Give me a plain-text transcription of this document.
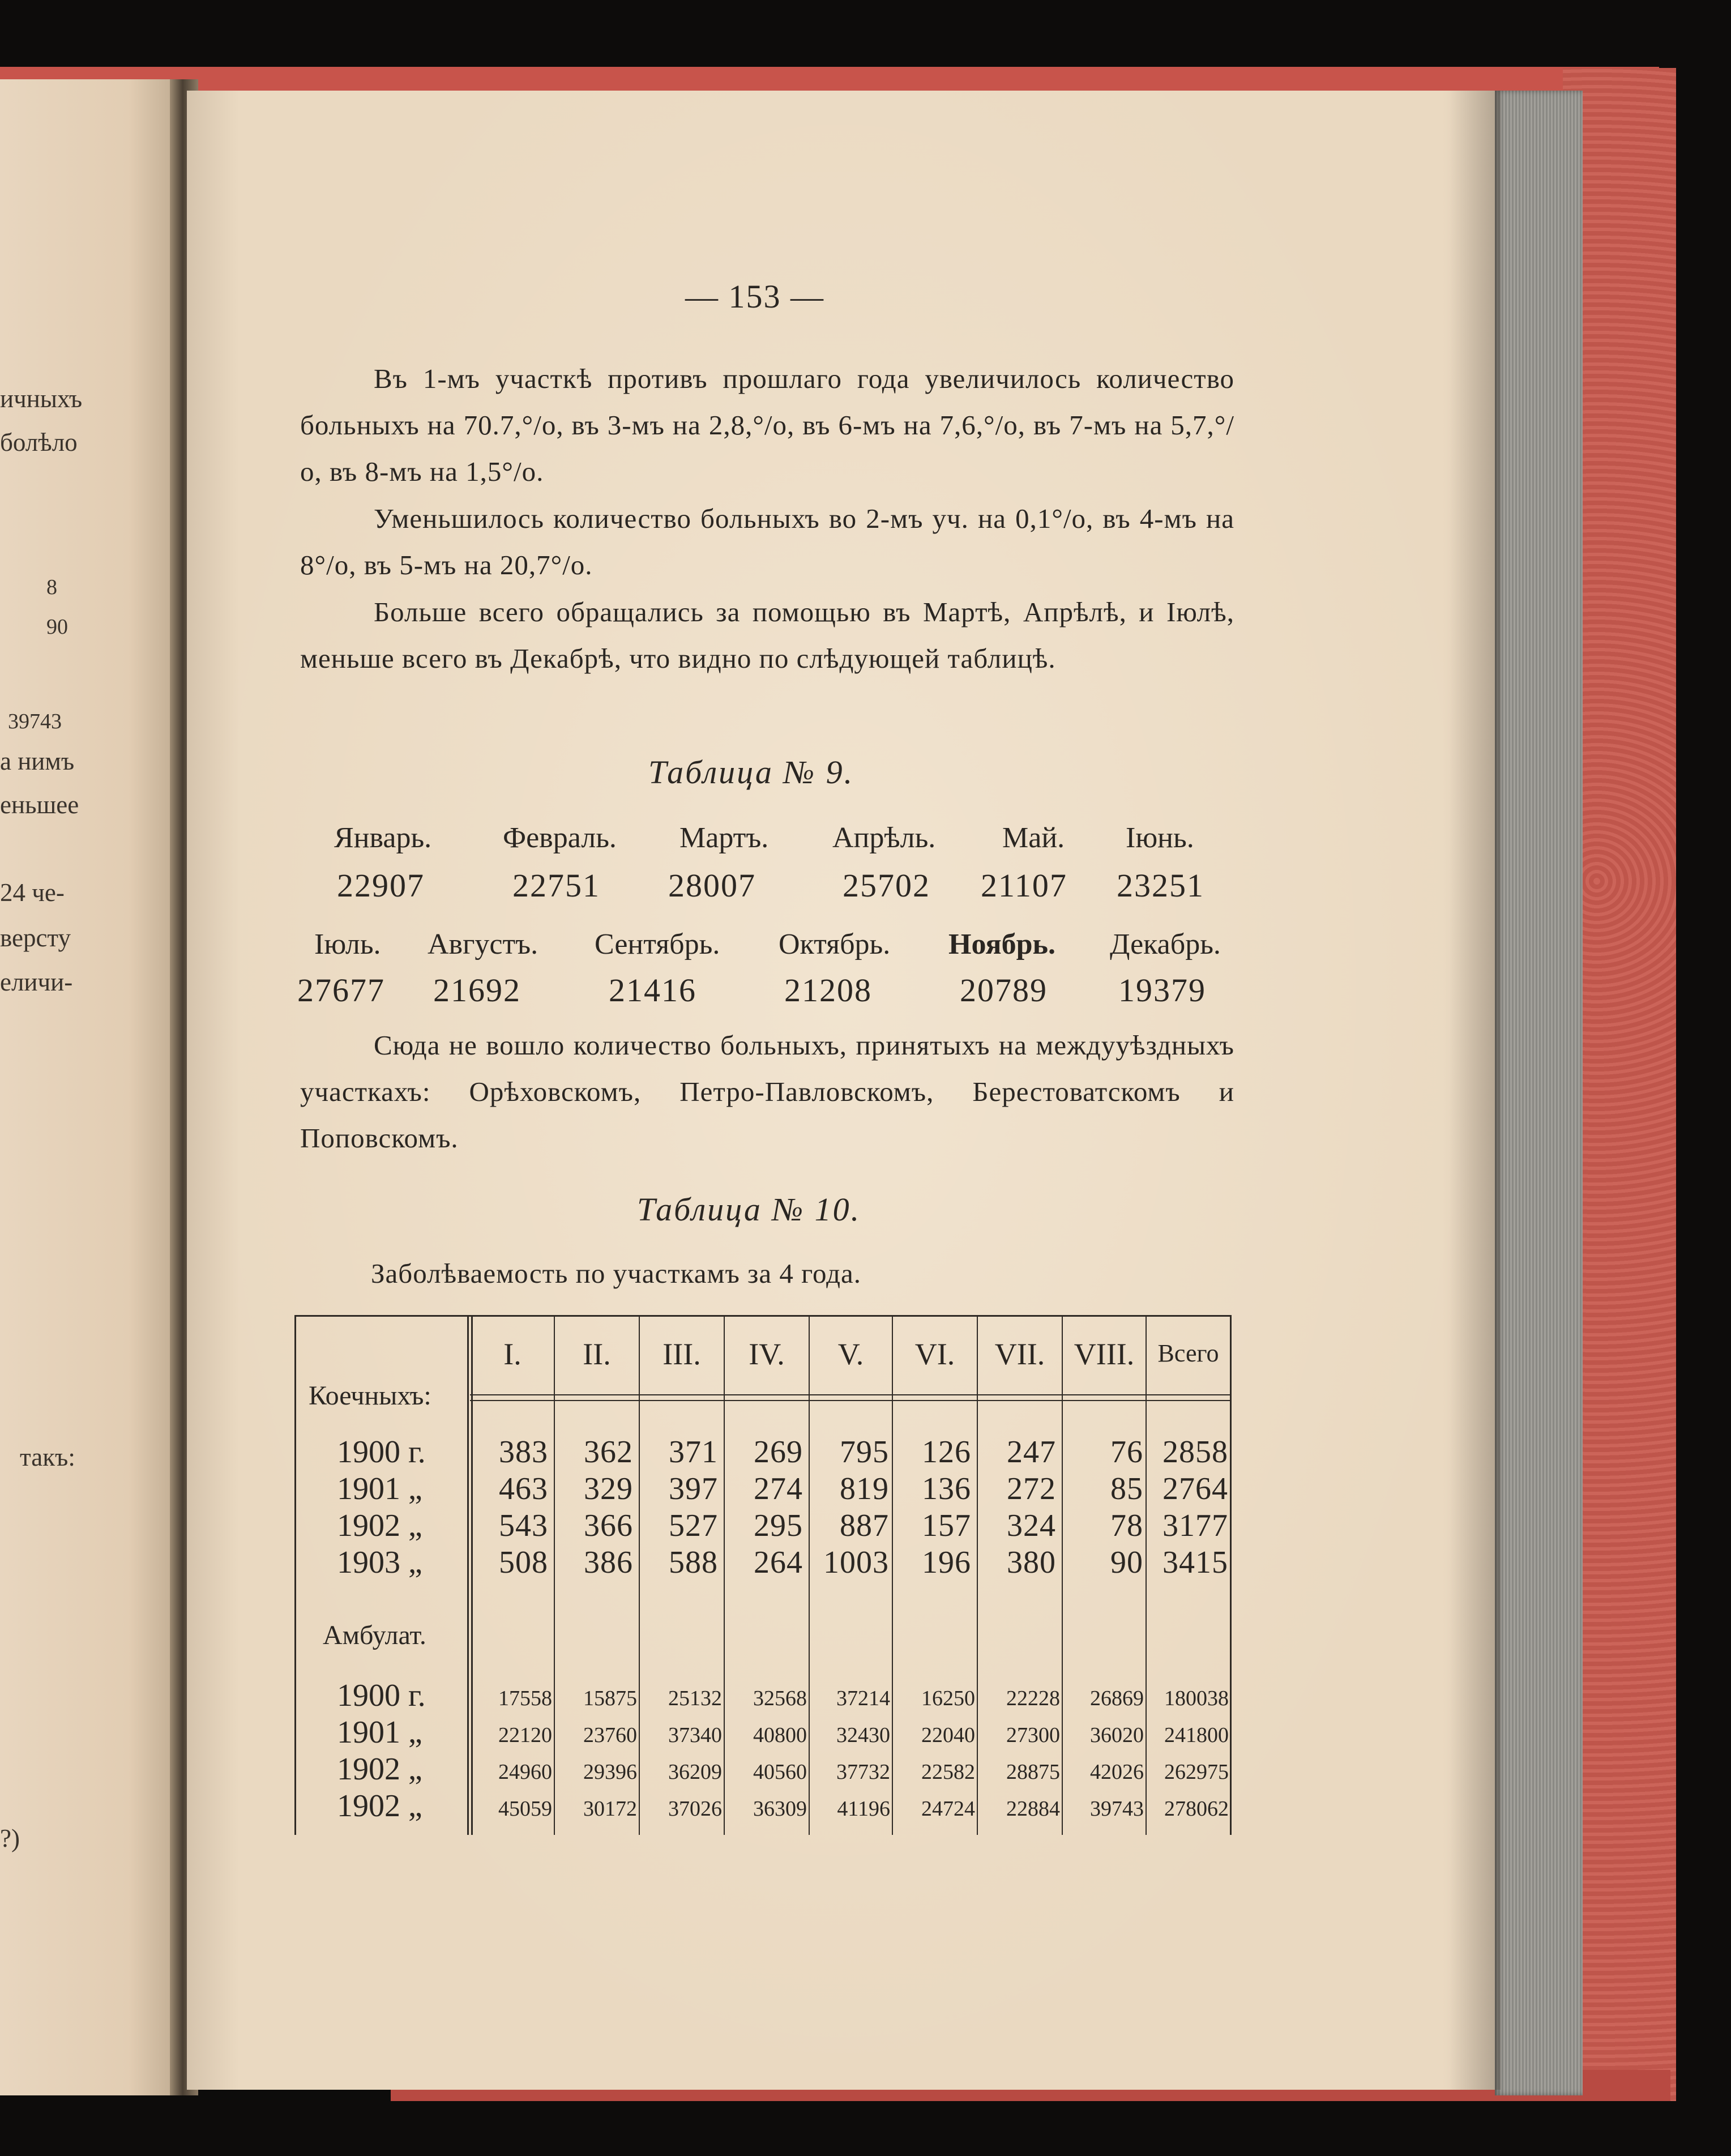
ичныхъ
болѣло
8
90
39743
а нимъ
еньшее
24 че-
версту
еличи-
такъ:
?)
— 153 —

Въ 1-мъ участкѣ противъ прошлаго года увеличилось количество больныхъ на 70.7,°/о, въ 3-мъ на 2,8,°/о, въ 6-мъ на 7,6,°/о, въ 7-мъ на 5,7,°/о, въ 8-мъ на 1,5°/о.

Уменьшилось количество больныхъ во 2-мъ уч. на 0,1°/о, въ 4-мъ на 8°/о, въ 5-мъ на 20,7°/о.

Больше всего обращались за помощью въ Мартѣ, Апрѣлѣ, и Іюлѣ, меньше всего въ Декабрѣ, что видно по слѣдующей таблицѣ.

Таблица № 9.
Январь. Февраль. Мартъ. Апрѣль. Май. Іюнь.
22907	22751 28007	25702 21107 23251
Іюль. Августъ. Сентябрь. Октябрь. Ноябрь. Декабрь.
27677 21692	21416	21208	20789 19379

Сюда не вошло количество больныхъ, принятыхъ на междууѣздныхъ участкахъ: Орѣховскомъ, Петро-Павловскомъ, Берестоватскомъ и Поповскомъ.

Таблица № 10.
Заболѣваемость по участкамъ за 4 года.
I.	II.	III.	IV.	V.	VI.	VII. VIII. Всего
Коечныхъ:
1900 г.	383	362	371	269	795	126	247	76 2858
1901 „	463	329	397	274	819	136	272	85 2764
1902 „	543	366	527	295	887	157	324	78 3177
1903 „	508	386	588	264 1003	196	380	90 3415
Амбулат.
1900 г.	17558	15875	25132	32568	37214	16250	22228	26869 180038
1901 „	22120	23760	37340	40800	32430	22040	27300	36020 241800
1902 „	24960	29396	36209	40560	37732	22582	28875	42026 262975
1902 „	45059	30172	37026	36309	41196	24724	22884	39743 278062
